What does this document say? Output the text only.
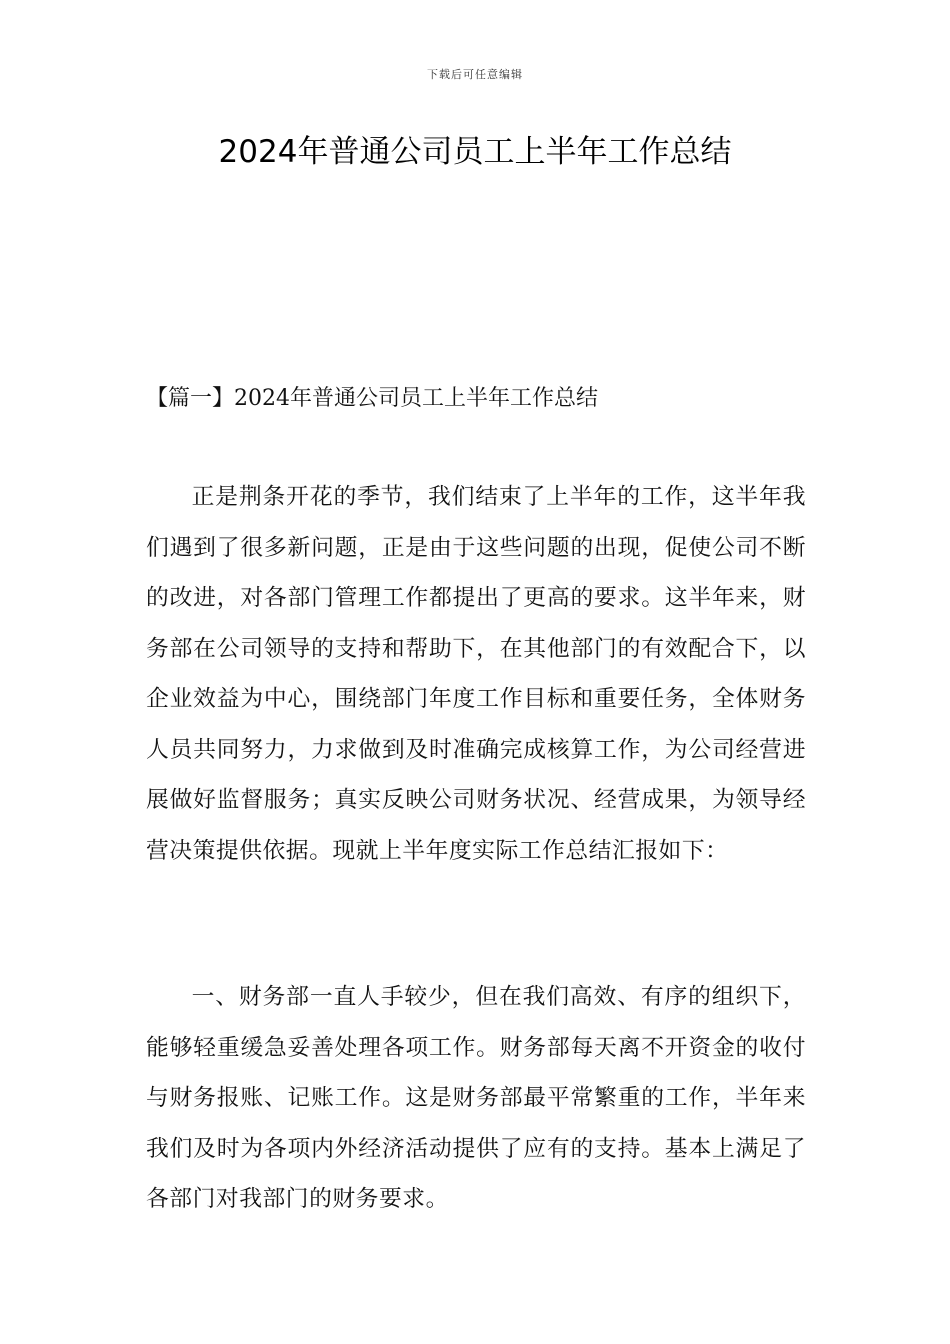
下载后可任意编辑
2024年普通公司员工上半年工作总结
【篇一】2024年普通公司员工上半年工作总结

正是荆条开花的季节，我们结束了上半年的工作，这半年我们遇到了很多新问题，正是由于这些问题的出现，促使公司不断的改进，对各部门管理工作都提出了更高的要求。这半年来，财务部在公司领导的支持和帮助下，在其他部门的有效配合下，以企业效益为中心，围绕部门年度工作目标和重要任务，全体财务人员共同努力，力求做到及时准确完成核算工作，为公司经营进展做好监督服务；真实反映公司财务状况、经营成果，为领导经营决策提供依据。现就上半年度实际工作总结汇报如下：

一、财务部一直人手较少，但在我们高效、有序的组织下，能够轻重缓急妥善处理各项工作。财务部每天离不开资金的收付与财务报账、记账工作。这是财务部最平常繁重的工作，半年来我们及时为各项内外经济活动提供了应有的支持。基本上满足了各部门对我部门的财务要求。
